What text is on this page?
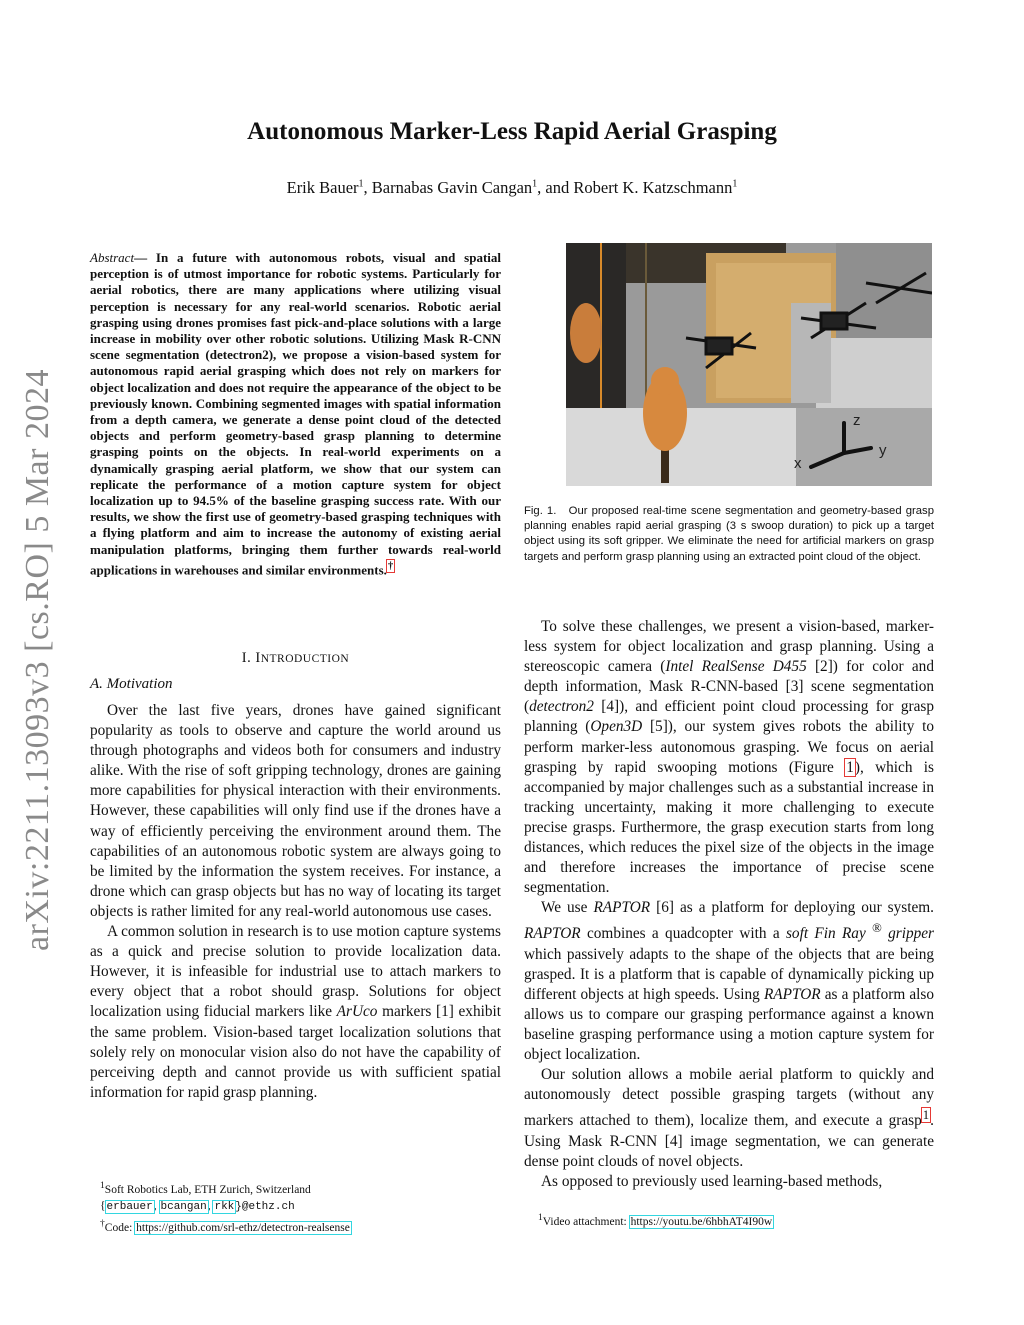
arXiv:2211.13093v3 [cs.RO] 5 Mar 2024
Autonomous Marker-Less Rapid Aerial Grasping
Erik Bauer$^1$, Barnabas Gavin Cangan$^1$, and Robert K. Katzschmann$^1$
Abstract— In a future with autonomous robots, visual and spatial perception is of utmost importance for robotic systems. Particularly for aerial robotics, there are many applications where utilizing visual perception is necessary for any real-world scenarios. Robotic aerial grasping using drones promises fast pick-and-place solutions with a large increase in mobility over other robotic solutions. Utilizing Mask R-CNN scene segmentation (detectron2), we propose a vision-based system for autonomous rapid aerial grasping which does not rely on markers for object localization and does not require the appearance of the object to be previously known. Combining segmented images with spatial information from a depth camera, we generate a dense point cloud of the detected objects and perform geometry-based grasp planning to determine grasping points on the objects. In real-world experiments on a dynamically grasping aerial platform, we show that our system can replicate the performance of a motion capture system for object localization up to 94.5% of the baseline grasping success rate. With our results, we show the first use of geometry-based grasping techniques with a flying platform and aim to increase the autonomy of existing aerial manipulation platforms, bringing them further towards real-world applications in warehouses and similar environments.†
I. INTRODUCTION
A. Motivation

Over the last five years, drones have gained significant popularity as tools to observe and capture the world around us through photographs and videos both for consumers and industry alike. With the rise of soft gripping technology, drones are gaining more capabilities for physical interaction with their environments. However, these capabilities will only find use if the drones have a way of efficiently perceiving the environment around them. The capabilities of an autonomous robotic system are always going to be limited by the information the system receives. For instance, a drone which can grasp objects but has no way of locating its target objects is rather limited for any real-world autonomous use cases.

A common solution in research is to use motion capture systems as a quick and precise solution to provide localization data. However, it is infeasible for industrial use to attach markers to every object that a robot should grasp. Solutions for object localization using fiducial markers like ArUco markers [1] exhibit the same problem. Vision-based target localization solutions that solely rely on monocular vision also do not have the capability of perceiving depth and cannot provide us with sufficient spatial information for rapid grasp planning.

$^1$Soft Robotics Lab, ETH Zurich, Switzerland
{erbauer, bcangan, rkk}@ethz.ch
†Code: https://github.com/srl-ethz/detectron-realsense
z
y
x
Fig. 1. Our proposed real-time scene segmentation and geometry-based grasp planning enables rapid aerial grasping (3 s swoop duration) to pick up a target object using its soft gripper. We eliminate the need for artificial markers on grasp targets and perform grasp planning using an extracted point cloud of the object.

To solve these challenges, we present a vision-based, marker-less system for object localization and grasp planning. Using a stereoscopic camera (Intel RealSense D455 [2]) for color and depth information, Mask R-CNN-based [3] scene segmentation (detectron2 [4]), and efficient point cloud processing for grasp planning (Open3D [5]), our system gives robots the ability to perform marker-less autonomous grasping. We focus on aerial grasping by rapid swooping motions (Figure 1), which is accompanied by major challenges such as a substantial increase in tracking uncertainty, making it more challenging to execute precise grasps. Furthermore, the grasp execution starts from long distances, which reduces the pixel size of the objects in the image and therefore increases the importance of precise scene segmentation.

We use RAPTOR [6] as a platform for deploying our system. RAPTOR combines a quadcopter with a soft Fin Ray ® gripper which passively adapts to the shape of the objects that are being grasped. It is a platform that is capable of dynamically picking up different objects at high speeds. Using RAPTOR as a platform also allows us to compare our grasping performance against a known baseline grasping performance using a motion capture system for object localization.

Our solution allows a mobile aerial platform to quickly and autonomously detect possible grasping targets (without any markers attached to them), localize them, and execute a grasp$^1$. Using Mask R-CNN [4] image segmentation, we can generate dense point clouds of novel objects.

As opposed to previously used learning-based methods,

$^1$Video attachment: https://youtu.be/6hbhAT4I90w
